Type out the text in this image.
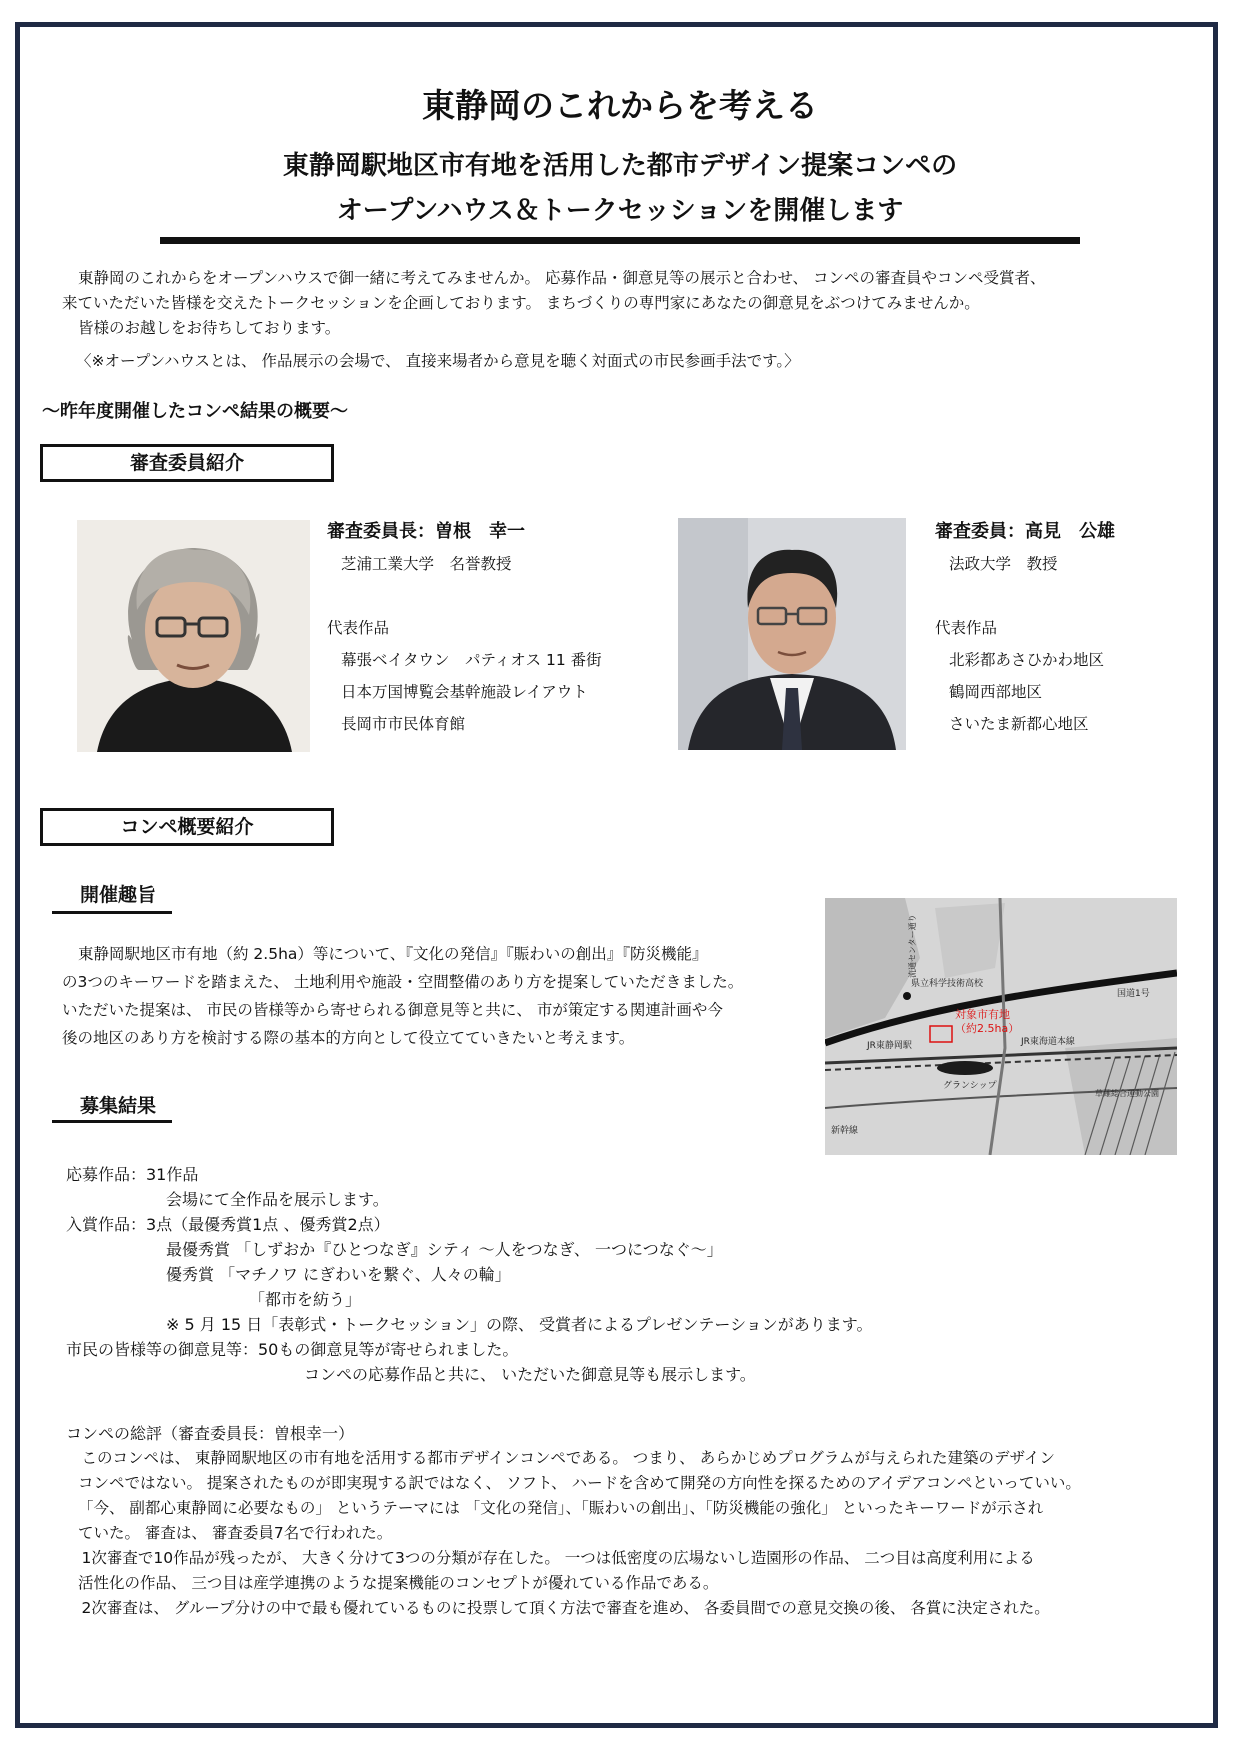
東静岡のこれからを考える
東静岡駅地区市有地を活用した都市デザイン提案コンペの
オープンハウス＆トークセッションを開催します

東静岡のこれからをオープンハウスで御一緒に考えてみませんか。 応募作品・御意見等の展示と合わせ、 コンペの審査員やコンペ受賞者、

来ていただいた皆様を交えたトークセッションを企画しております。 まちづくりの専門家にあなたの御意見をぶつけてみませんか。

皆様のお越しをお待ちしております。

〈※オープンハウスとは、 作品展示の会場で、 直接来場者から意見を聴く対面式の市民参画手法です。〉

～昨年度開催したコンペ結果の概要～
審査委員紹介
審査委員長：曽根　幸一
芝浦工業大学　名誉教授
代表作品
幕張ベイタウン　パティオス 11 番街
日本万国博覧会基幹施設レイアウト
長岡市市民体育館
審査委員：高見　公雄
法政大学　教授
代表作品
北彩都あさひかわ地区
鶴岡西部地区
さいたま新都心地区
コンペ概要紹介
開催趣旨
東静岡駅地区市有地（約 2.5ha）等について、『文化の発信』『賑わいの創出』『防災機能』
の3つのキーワードを踏まえた、 土地利用や施設・空間整備のあり方を提案していただきました。
いただいた提案は、 市民の皆様等から寄せられる御意見等と共に、 市が策定する関連計画や今
後の地区のあり方を検討する際の基本的方向として役立てていきたいと考えます。
県立科学技術高校
国道1号
JR東静岡駅	JR東海道本線
グランシップ
新幹線
草薙総合運動公園
流通センター通り
対象市有地
（約2.5ha）
募集結果
応募作品：31作品
会場にて全作品を展示します。
入賞作品：3点（最優秀賞1点 、優秀賞2点）
最優秀賞 「しずおか『ひとつなぎ』シティ ～人をつなぎ、 一つにつなぐ～」
優秀賞 「マチノワ にぎわいを繋ぐ、人々の輪」
「都市を紡う」
※ 5 月 15 日「表彰式・トークセッション」の際、 受賞者によるプレゼンテーションがあります。
市民の皆様等の御意見等：50もの御意見等が寄せられました。
コンペの応募作品と共に、 いただいた御意見等も展示します。
コンペの総評（審査委員長：曽根幸一）
　このコンペは、 東静岡駅地区の市有地を活用する都市デザインコンペである。 つまり、 あらかじめプログラムが与えられた建築のデザイン
コンペではない。 提案されたものが即実現する訳ではなく、 ソフト、 ハードを含めて開発の方向性を探るためのアイデアコンペといっていい。
「今、 副都心東静岡に必要なもの」 というテーマには 「文化の発信」、「賑わいの創出」、「防災機能の強化」 といったキーワードが示され
ていた。 審査は、 審査委員7名で行われた。
　1次審査で10作品が残ったが、 大きく分けて3つの分類が存在した。 一つは低密度の広場ないし造園形の作品、 二つ目は高度利用による
活性化の作品、 三つ目は産学連携のような提案機能のコンセプトが優れている作品である。
　2次審査は、 グループ分けの中で最も優れているものに投票して頂く方法で審査を進め、 各委員間での意見交換の後、 各賞に決定された。
